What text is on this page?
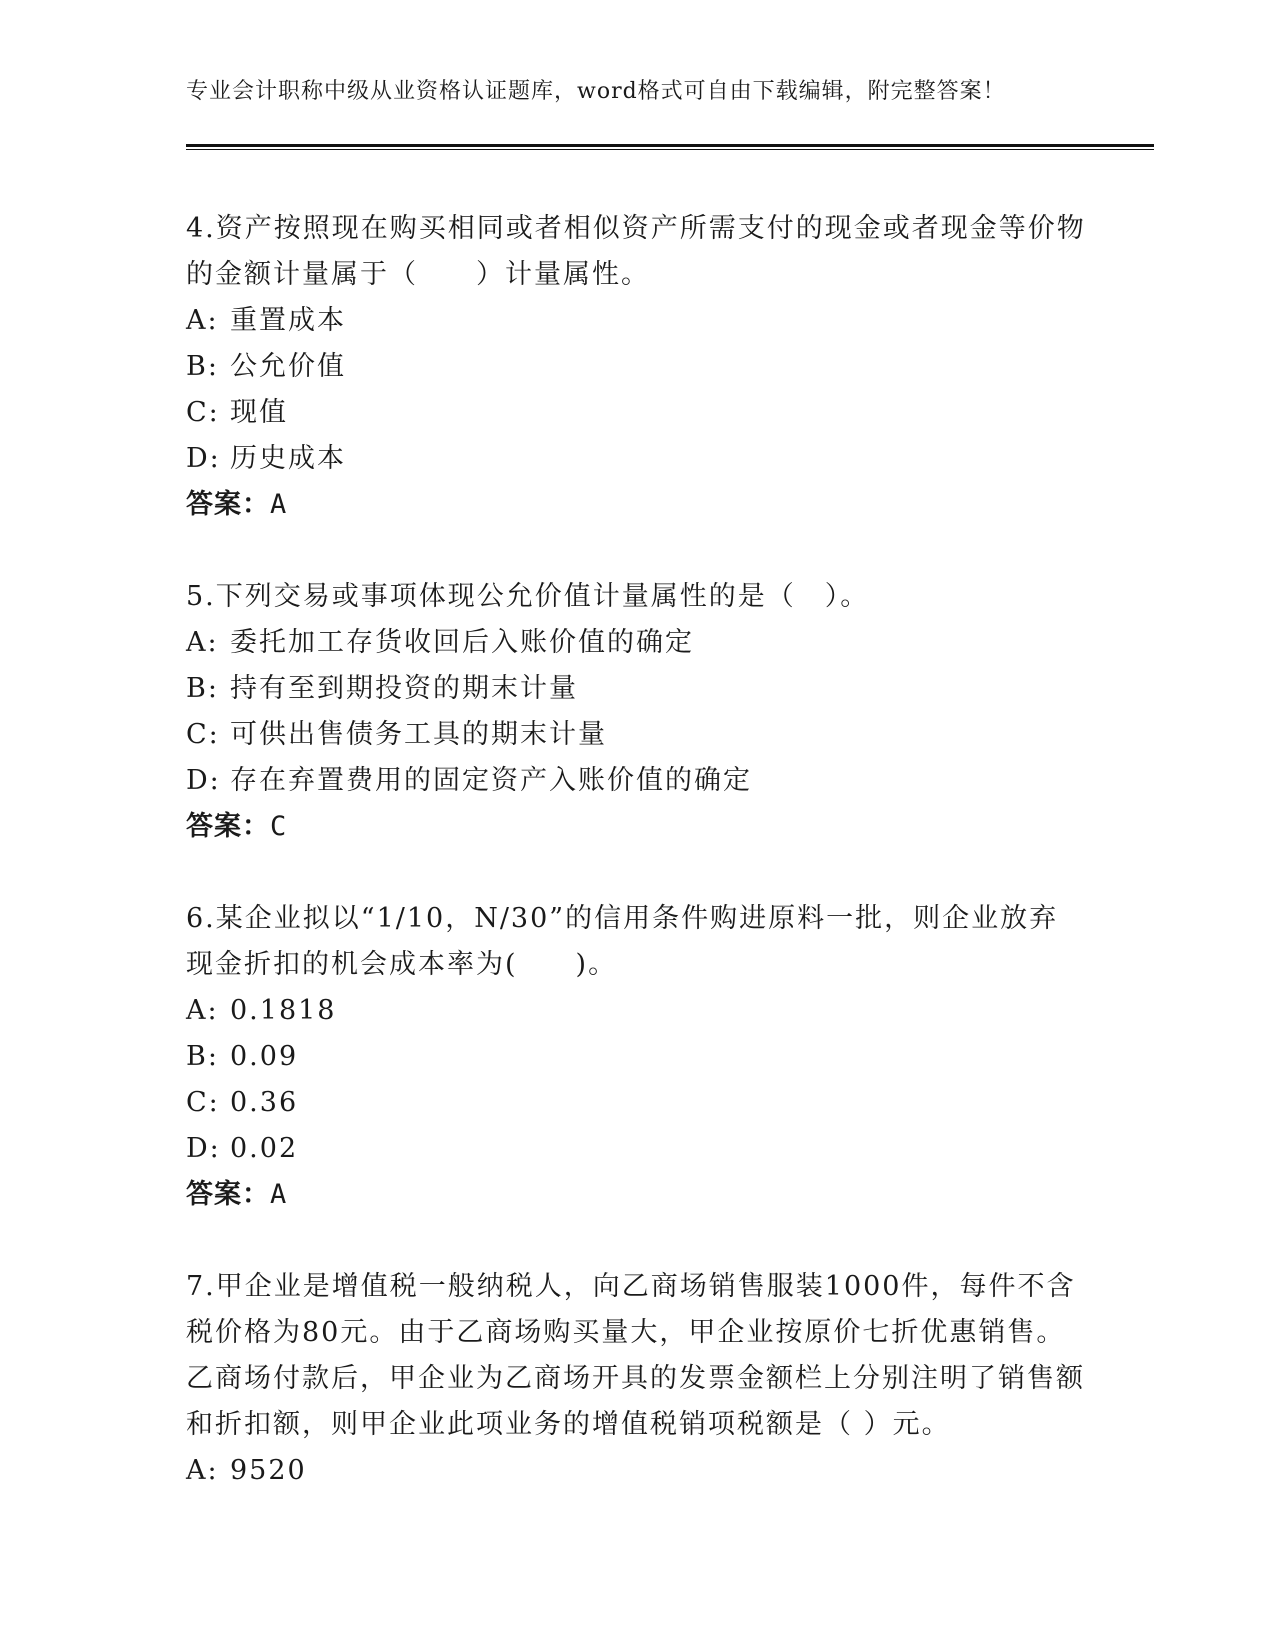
专业会计职称中级从业资格认证题库，word格式可自由下载编辑，附完整答案！

4.资产按照现在购买相同或者相似资产所需支付的现金或者现金等价物的金额计量属于（　　）计量属性。

A: 重置成本
B: 公允价值
C: 现值
D: 历史成本
答案：A

5.下列交易或事项体现公允价值计量属性的是（　）。

A: 委托加工存货收回后入账价值的确定
B: 持有至到期投资的期末计量
C: 可供出售债务工具的期末计量
D: 存在弃置费用的固定资产入账价值的确定
答案：C

6.某企业拟以“1/10，N/30”的信用条件购进原料一批，则企业放弃现金折扣的机会成本率为(　　)。

A: 0.1818
B: 0.09
C: 0.36
D: 0.02
答案：A

7.甲企业是增值税一般纳税人，向乙商场销售服装1000件，每件不含税价格为80元。由于乙商场购买量大，甲企业按原价七折优惠销售。乙商场付款后，甲企业为乙商场开具的发票金额栏上分别注明了销售额和折扣额，则甲企业此项业务的增值税销项税额是（ ）元。

A: 9520
